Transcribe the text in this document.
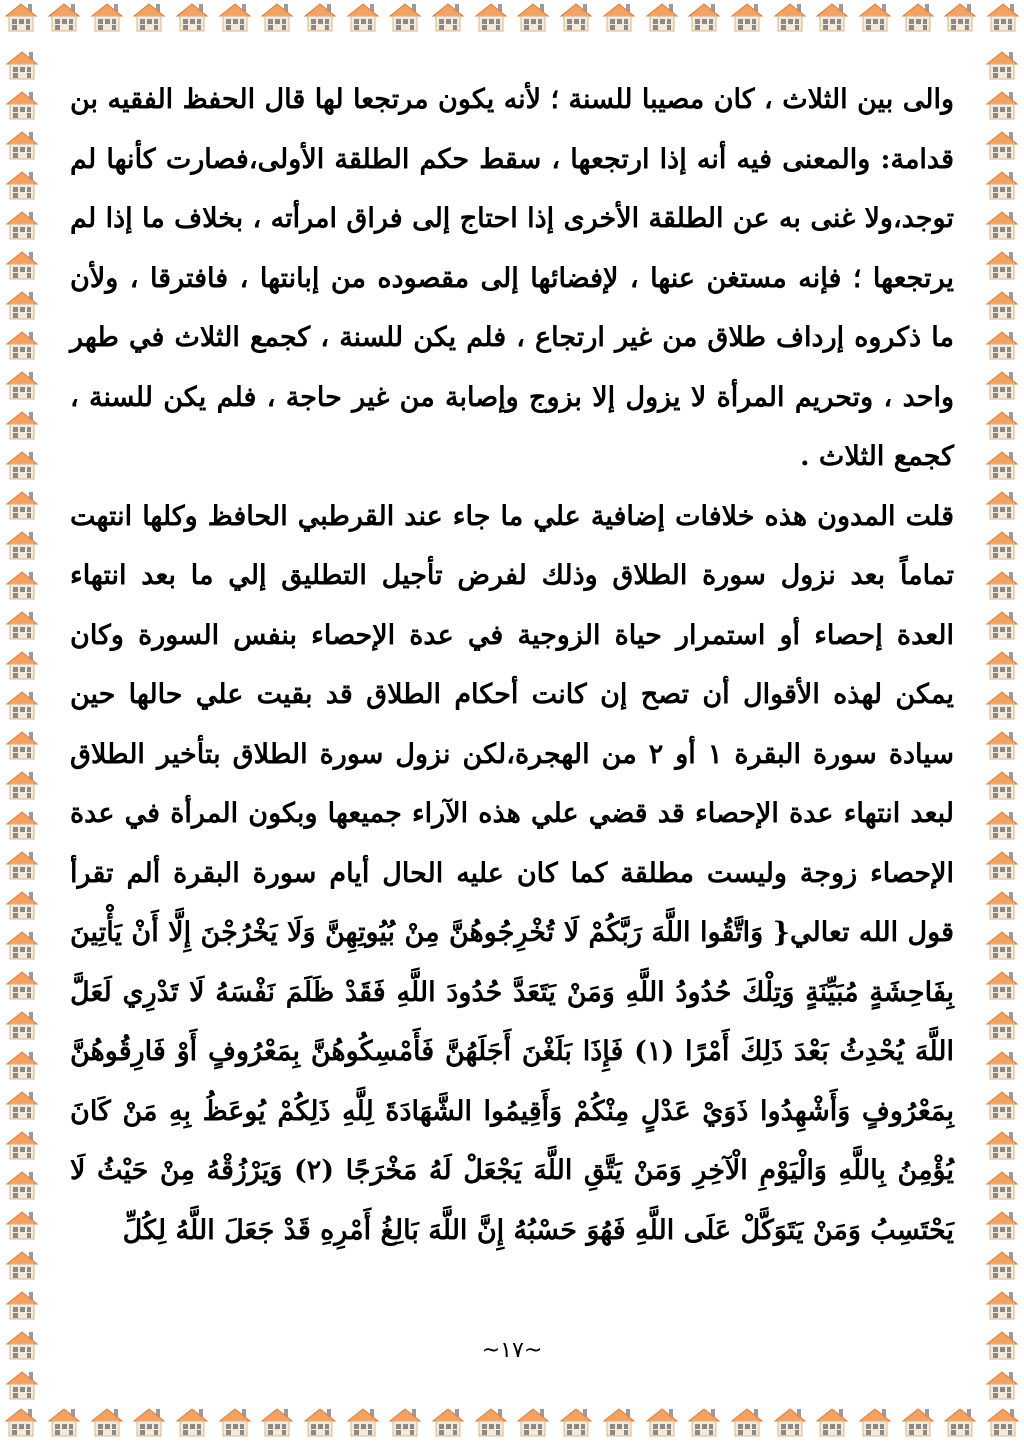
والى بين الثلاث ، كان مصيبا للسنة ؛ لأنه يكون مرتجعا لها قال الحفظ الفقيه بن قدامة: والمعنى فيه أنه إذا ارتجعها ، سقط حكم الطلقة الأولى،فصارت كأنها لم توجد،ولا غنى به عن الطلقة الأخرى إذا احتاج إلى فراق امرأته ، بخلاف ما إذا لم يرتجعها ؛ فإنه مستغن عنها ، لإفضائها إلى مقصوده من إبانتها ، فافترقا ، ولأن ما ذكروه إرداف طلاق من غير ارتجاع ، فلم يكن للسنة ، كجمع الثلاث في طهر واحد ، وتحريم المرأة لا يزول إلا بزوج وإصابة من غير حاجة ، فلم يكن للسنة ، كجمع الثلاث .

قلت المدون هذه خلافات إضافية علي ما جاء عند القرطبي الحافظ وكلها انتهت تماماً بعد نزول سورة الطلاق وذلك لفرض تأجيل التطليق إلي ما بعد انتهاء العدة إحصاء أو استمرار حياة الزوجية في عدة الإحصاء بنفس السورة وكان يمكن لهذه الأقوال أن تصح إن كانت أحكام الطلاق قد بقيت علي حالها حين سيادة سورة البقرة ١ أو ٢ من الهجرة،لكن نزول سورة الطلاق بتأخير الطلاق لبعد انتهاء عدة الإحصاء قد قضي علي هذه الآراء جميعها وبكون المرأة في عدة الإحصاء زوجة وليست مطلقة كما كان عليه الحال أيام سورة البقرة ألم تقرأ قول الله تعالي{ وَاتَّقُوا اللَّهَ رَبَّكُمْ لَا تُخْرِجُوهُنَّ مِنْ بُيُوتِهِنَّ وَلَا يَخْرُجْنَ إِلَّا أَنْ يَأْتِينَ بِفَاحِشَةٍ مُبَيِّنَةٍ وَتِلْكَ حُدُودُ اللَّهِ وَمَنْ يَتَعَدَّ حُدُودَ اللَّهِ فَقَدْ ظَلَمَ نَفْسَهُ لَا تَدْرِي لَعَلَّ اللَّهَ يُحْدِثُ بَعْدَ ذَلِكَ أَمْرًا (١) فَإِذَا بَلَغْنَ أَجَلَهُنَّ فَأَمْسِكُوهُنَّ بِمَعْرُوفٍ أَوْ فَارِقُوهُنَّ بِمَعْرُوفٍ وَأَشْهِدُوا ذَوَيْ عَدْلٍ مِنْكُمْ وَأَقِيمُوا الشَّهَادَةَ لِلَّهِ ذَلِكُمْ يُوعَظُ بِهِ مَنْ كَانَ يُؤْمِنُ بِاللَّهِ وَالْيَوْمِ الْآخِرِ وَمَنْ يَتَّقِ اللَّهَ يَجْعَلْ لَهُ مَخْرَجًا (٢) وَيَرْزُقْهُ مِنْ حَيْثُ لَا يَحْتَسِبُ وَمَنْ يَتَوَكَّلْ عَلَى اللَّهِ فَهُوَ حَسْبُهُ إِنَّ اللَّهَ بَالِغُ أَمْرِهِ قَدْ جَعَلَ اللَّهُ لِكُلِّ

~١٧~
